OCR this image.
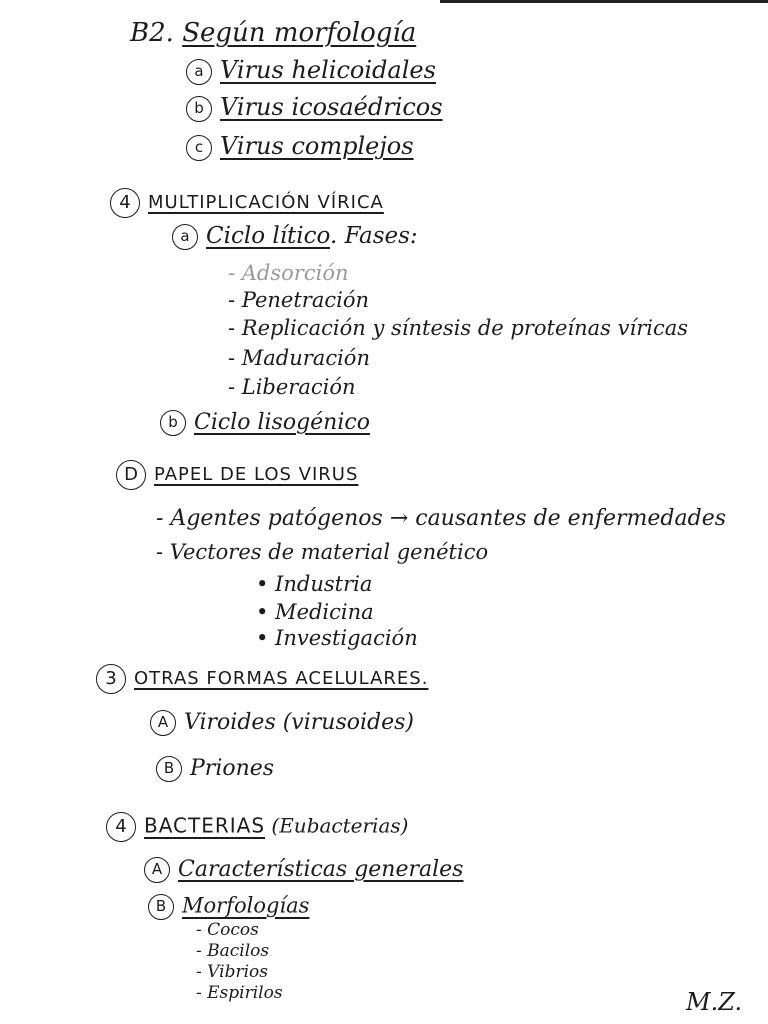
B2. Según morfología
a Virus helicoidales
b Virus icosaédricos
c Virus complejos
4 MULTIPLICACIÓN VÍRICA
a Ciclo lítico. Fases:
- Adsorción
- Penetración
- Replicación y síntesis de proteínas víricas
- Maduración
- Liberación
b Ciclo lisogénico
D PAPEL DE LOS VIRUS
- Agentes patógenos → causantes de enfermedades
- Vectores de material genético
• Industria
• Medicina
• Investigación
3 OTRAS FORMAS ACELULARES.
A Viroides (virusoides)
B Priones
4 BACTERIAS (Eubacterias)
A Características generales
B Morfologías
- Cocos
- Bacilos
- Vibrios
- Espirilos	M.Z.
